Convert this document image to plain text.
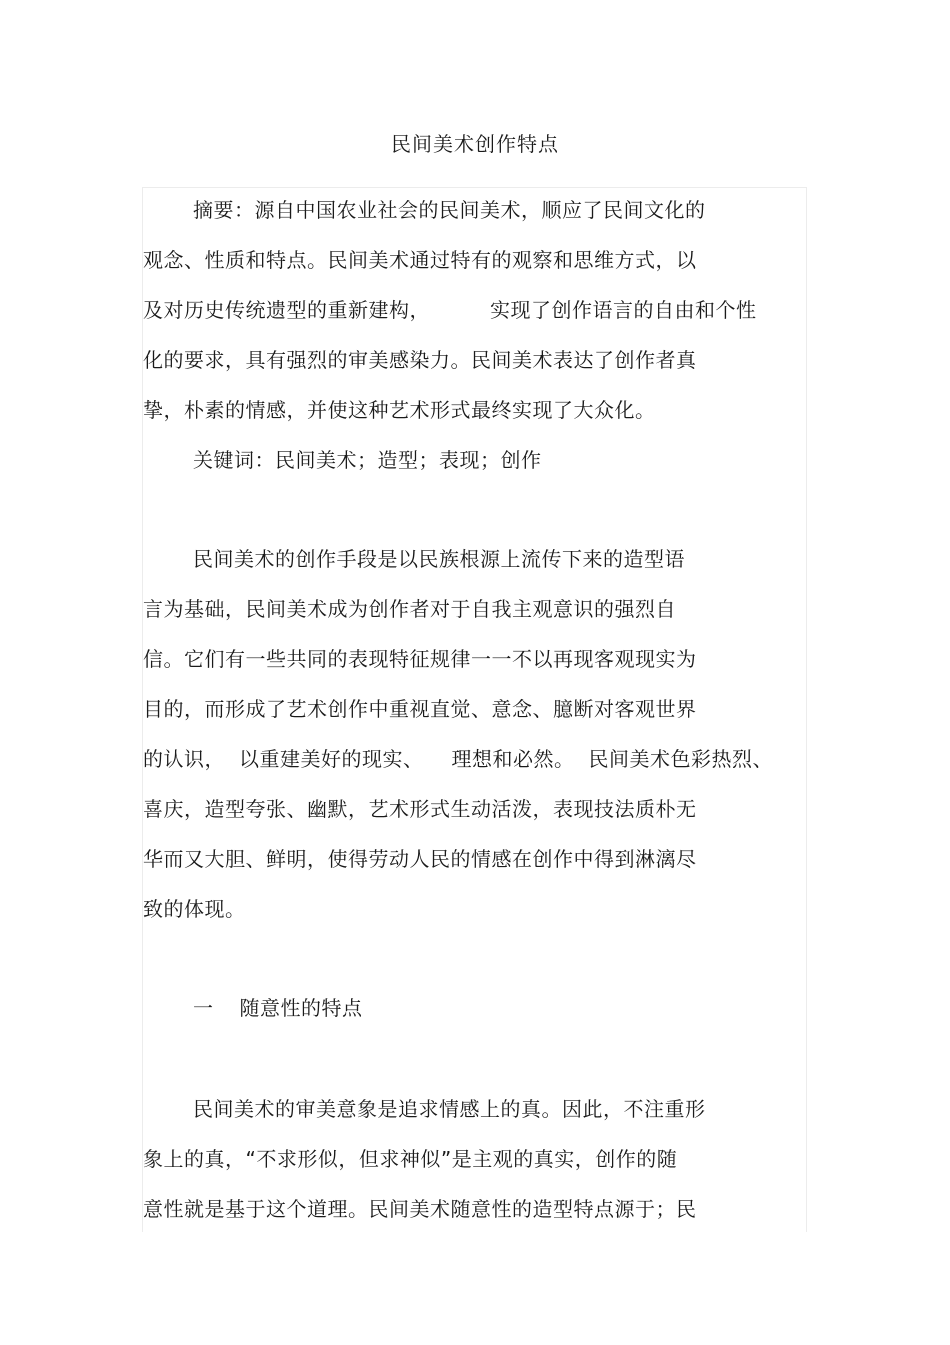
民间美术创作特点
摘要：源自中国农业社会的民间美术，顺应了民间文化的
观念、性质和特点。民间美术通过特有的观察和思维方式，以
及对历史传统遗型的重新建构，	实现了创作语言的自由和个性
化的要求，具有强烈的审美感染力。民间美术表达了创作者真
挚，朴素的情感，并使这种艺术形式最终实现了大众化。
关键词：民间美术；造型；表现；创作
民间美术的创作手段是以民族根源上流传下来的造型语
言为基础，民间美术成为创作者对于自我主观意识的强烈自
信。它们有一些共同的表现特征规律一一不以再现客观现实为
目的，而形成了艺术创作中重视直觉、意念、臆断对客观世界
的认识， 以重建美好的现实、 理想和必然。 民间美术色彩热烈、
喜庆，造型夸张、幽默，艺术形式生动活泼，表现技法质朴无
华而又大胆、鲜明，使得劳动人民的情感在创作中得到淋漓尽
致的体现。
一 随意性的特点
民间美术的审美意象是追求情感上的真。因此，不注重形
象上的真，“不求形似，但求神似”是主观的真实，创作的随
意性就是基于这个道理。民间美术随意性的造型特点源于；民
